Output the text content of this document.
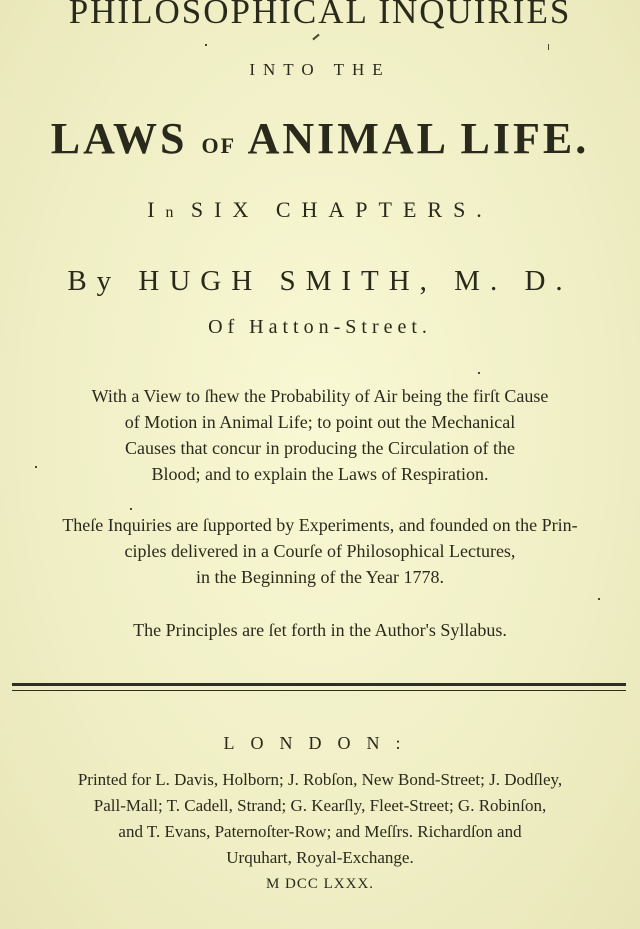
PHILOSOPHICAL INQUIRIES
INTO THE
LAWS OF ANIMAL LIFE.
In SIX CHAPTERS.
By HUGH SMITH, M. D.
Of Hatton-Street.
With a View to ſhew the Probability of Air being the firſt Cause
of Motion in Animal Life; to point out the Mechanical
Causes that concur in producing the Circulation of the
Blood; and to explain the Laws of Respiration.
Theſe Inquiries are ſupported by Experiments, and founded on the Prin-
ciples delivered in a Courſe of Philosophical Lectures,
in the Beginning of the Year 1778.
The Principles are ſet forth in the Author's Syllabus.
LONDON:
Printed for L. Davis, Holborn; J. Robſon, New Bond-Street; J. Dodſley,
Pall-Mall; T. Cadell, Strand; G. Kearſly, Fleet-Street; G. Robinſon,
and T. Evans, Paternoſter-Row; and Meſſrs. Richardſon and
Urquhart, Royal-Exchange.
M DCC LXXX.
